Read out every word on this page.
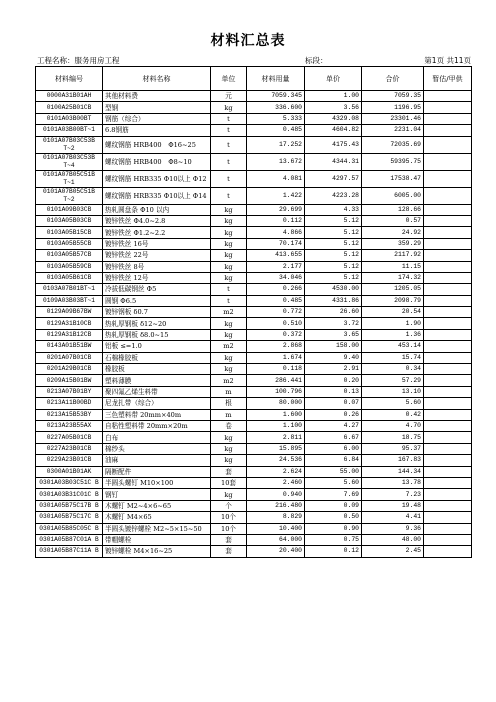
材料汇总表
工程名称：服务用房工程	标段：	第1页 共11页
材料编号	材料名称	单位	材料用量	单价	合价	暂估/甲供
0000A31B01AH	其他材料费	元	7059.345	1.00	7059.35	
0100A25B01CB	型钢	kg	336.600	3.56	1196.95	
0101A03B00BT	钢筋（综合）	t	5.333	4329.08	23301.46	
0101A03B00BT~1	6.8钢筋	t	0.485	4604.82	2231.04	
0101A07B03C53B T~2	螺纹钢筋 HRB400　Φ16~25	t	17.252	4175.43	72035.69	
0101A07B03C53B T~4	螺纹钢筋 HRB400　Φ8~10	t	13.672	4344.31	59395.75	
0101A07B05C51B T~1	螺纹钢筋 HRB335 Φ10以上 Φ12	t	4.081	4297.57	17538.47	
0101A07B05C51B T~2	螺纹钢筋 HRB335 Φ10以上 Φ14	t	1.422	4223.28	6005.00	
0101A09B03CB	热轧圆盘条 Φ10 以内	kg	29.699	4.33	128.66	
0103A05B03CB	镀锌铁丝 Φ4.0~2.8	kg	0.112	5.12	0.57	
0103A05B15CB	镀锌铁丝 Φ1.2~2.2	kg	4.866	5.12	24.92	
0103A05B55CB	镀锌铁丝 16号	kg	70.174	5.12	359.29	
0103A05B57CB	镀锌铁丝 22号	kg	413.655	5.12	2117.92	
0103A05B59CB	镀锌铁丝 8号	kg	2.177	5.12	11.15	
0103A05B61CB	镀锌铁丝 12号	kg	34.046	5.12	174.32	
0103A07B01BT~1	冷拔低碳钢丝 Φ5	t	0.266	4530.00	1205.05	
0109A03B03BT~1	圆钢 Φ6.5	t	0.485	4331.86	2098.79	
0129A09B67BW	镀锌钢板 δ0.7	m2	0.772	26.60	20.54	
0129A31B10CB	热轧厚钢板 δ12~20	kg	0.510	3.72	1.90	
0129A31B12CB	热轧厚钢板 δ8.0~15	kg	0.372	3.65	1.36	
0143A01B51BW	铝板 ≤=1.0	m2	2.868	158.00	453.14	
0201A07B01CB	石棉橡胶板	kg	1.674	9.40	15.74	
0201A29B01CB	橡胶板	kg	0.118	2.91	0.34	
0209A15B01BW	塑料薄膜	m2	286.441	0.20	57.29	
0213A07B01BY	聚四氟乙烯生料带	m	100.796	0.13	13.10	
0213A11B00BD	尼龙扎带（综合）	根	80.000	0.07	5.60	
0213A15B53BY	三色塑料带 20mm×40m	m	1.600	0.26	0.42	
0213A23B55AX	自粘性塑料带 20mm×20m	卷	1.100	4.27	4.70	
0227A05B01CB	白布	kg	2.811	6.67	18.75	
0227A23B01CB	棉纱头	kg	15.895	6.00	95.37	
0229A23B01CB	油麻	kg	24.536	6.84	167.83	
0300A01B01AK	隔断配件	套	2.624	55.00	144.34	
0301A03B03C51C B	半圆头螺钉 M10×100	10套	2.460	5.60	13.78	
0301A03B31C01C B	钢钉	kg	0.940	7.69	7.23	
0301A05B75C17B B	木螺钉 M2~4×6~65	个	216.480	0.09	19.48	
0301A05B75C17C B	木螺钉 M4×65	10个	8.829	0.50	4.41	
0301A05B85C05C B	半圆头镀锌螺栓 M2~5×15~50	10个	10.400	0.90	9.36	
0301A05B87C01A B	带帽螺栓	套	64.000	0.75	48.00	
0301A05B87C11A B	镀锌螺栓 M4×16~25	套	20.400	0.12	2.45	
